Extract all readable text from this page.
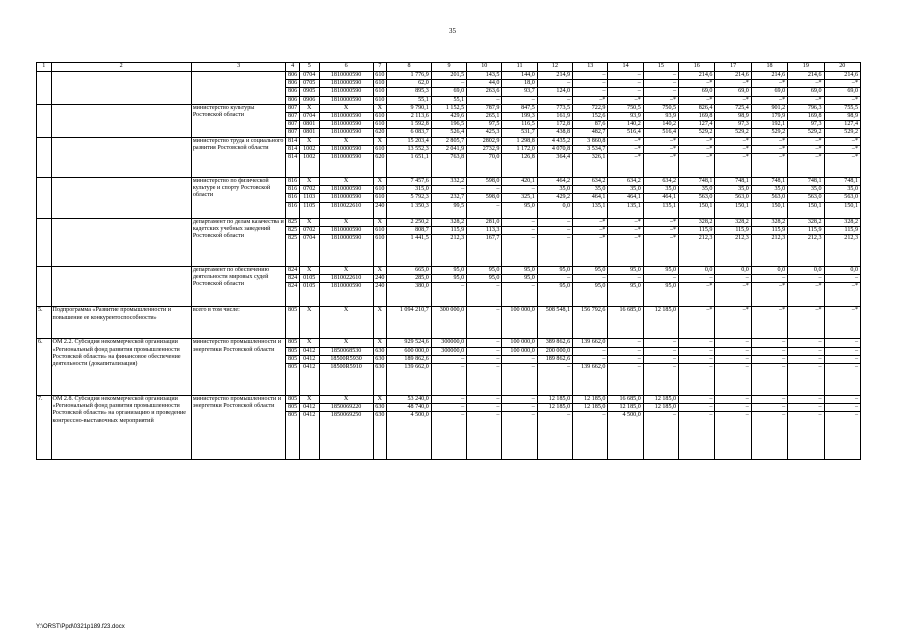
35
1	2	3	4	5	6	7	8	9	10	11	12	13	14	15	16	17	18	19	20
			806	0704	1810000590	610	1 776,9	201,5	143,5	144,0	214,9	–	–	–	214,6	214,6	214,6	214,6	214,6
			806	0705	1810000590	610	62,0	–	44,0	18,0	–	–	–	–	–*	–*	–*	–*	–*
			806	0905	1810000590	610	895,3	69,0	263,6	93,7	124,0	–	–	–	69,0	69,0	69,0	69,0	69,0
			806	0906	1810000590	610	55,1	55,1	–	–	–	–*	–*	–*	–*	–*	–*	–*	–*
		министерство культуры Ростовской области	807	Х	Х	Х	9 790,1	1 152,5	787,9	847,5	773,5	722,9	750,5	750,5	826,4	725,4	901,2	796,3	755,5
			807	0704	1810000590	610	2 113,6	429,6	265,1	199,3	161,9	152,6	93,9	93,9	169,8	98,9	179,9	169,8	98,9
			807	0801	1810000590	610	1 592,8	196,5	97,5	116,5	172,8	87,6	140,2	140,2	127,4	97,3	192,1	97,3	127,4
			807	0801	1810000590	620	6 083,7	526,4	425,3	531,7	438,8	482,7	516,4	516,4	529,2	529,2	529,2	529,2	529,2
		министерство труда и социального развития Ростовской области	814	Х	Х	Х	15 203,4	2 805,7	2802,9	1 298,8	4 435,2	3 860,8	–*	–*	–*	–*	–*	–*	–*
			814	1002	1810000590	610	13 552,3	2 041,9	2732,9	1 172,0	4 070,8	3 534,7	–*	–*	–*	–*	–*	–*	–*
			814	1002	1810000590	620	1 651,1	763,8	70,0	126,8	364,4	326,1	–*	–*	–*	–*	–*	–*	–*
		министерство по физической культуре и спорту Ростовской области	816	Х	Х	Х	7 457,6	332,2	598,0	420,1	464,2	634,2	634,2	634,2	748,1	748,1	748,1	748,1	748,1
			816	0702	1810000590	610	315,0	–	–	–	35,0	35,0	35,0	35,0	35,0	35,0	35,0	35,0	35,0
			816	1103	1810000590	610	5 792,3	232,7	598,0	325,1	429,2	464,1	464,1	464,1	563,0	563,0	563,0	563,0	563,0
			816	1105	1810022610	240	1 350,3	99,5	–	95,0	0,0	135,1	135,1	135,1	150,1	150,1	150,1	150,1	150,1
		департамент по делам казачества и кадетских учебных заведений Ростовской области	825	Х	Х	Х	2 250,2	328,2	281,0	–	–	–*	–*	–*	328,2	328,2	328,2	328,2	328,2
			825	0702	1810000590	610	808,7	115,9	113,3	–	–	–*	–*	–*	115,9	115,9	115,9	115,9	115,9
			825	0704	1810000590	610	1 441,5	212,3	167,7	–	–	–*	–*	–*	212,3	212,3	212,3	212,3	212,3
		департамент по обеспечению деятельности мировых судей Ростовской области	824	Х	Х	Х	665,0	95,0	95,0	95,0	95,0	95,0	95,0	95,0	0,0	0,0	0,0	0,0	0,0
			824	0105	1810022610	240	285,0	95,0	95,0	95,0	–	–	–	–	–	–	–	–	–
			824	0105	1810000590	240	380,0	–	–	–	95,0	95,0	95,0	95,0	–*	–*	–*	–*	–*
5.	Подпрограмма «Развитие промышленности и повышение ее конкурентоспособности»	всего в том числе:	805	Х	Х	Х	1 094 210,7	300 000,0	–	100 000,0	508 548,1	156 792,6	16 685,0	12 185,0	–*	–*	–*	–*	–*
6.	ОМ 2.2. Субсидия некоммерческой организации «Региональный фонд развития промышленности Ростовской области» на финансовое обеспечение деятельности (докапитализация)	министерство промышленности и энергетики Ростовской области	805	Х	Х	Х	929 524,6	300000,0	–	100 000,0	389 862,6	139 662,0	–	–	–	–	–	–	–
			805	0412	1850068530	630	600 000,0	300000,0	–	100 000,0	200 000,0	–	–	–	–	–	–	–	–
			805	0412	18500R5930	630	189 862,6	–	–	–	189 862,6	–	–	–	–	–	–	–	–
			805	0412	18500R5910	630	139 662,0	–	–	–	–	139 662,0	–	–	–	–	–	–	–
7.	ОМ 2.8. Субсидия некоммерческой организации «Региональный фонд развития промышленности Ростовской области» на организацию и проведение конгрессно-выставочных мероприятий	министерство промышленности и энергетики Ростовской области	805	Х	Х	Х	53 240,0	–	–	–	12 185,0	12 185,0	16 685,0	12 185,0	–	–	–	–	–
			805	0412	1850069220	630	48 740,0	–	–	–	12 185,0	12 185,0	12 185,0	12 185,0	–	–	–	–	–
			805	0412	1850069250	630	4 500,0	–	–	–	–	–	4 500,0	–	–	–	–	–	–
Y:\ORST\Ppd\0321p189.f23.docx
